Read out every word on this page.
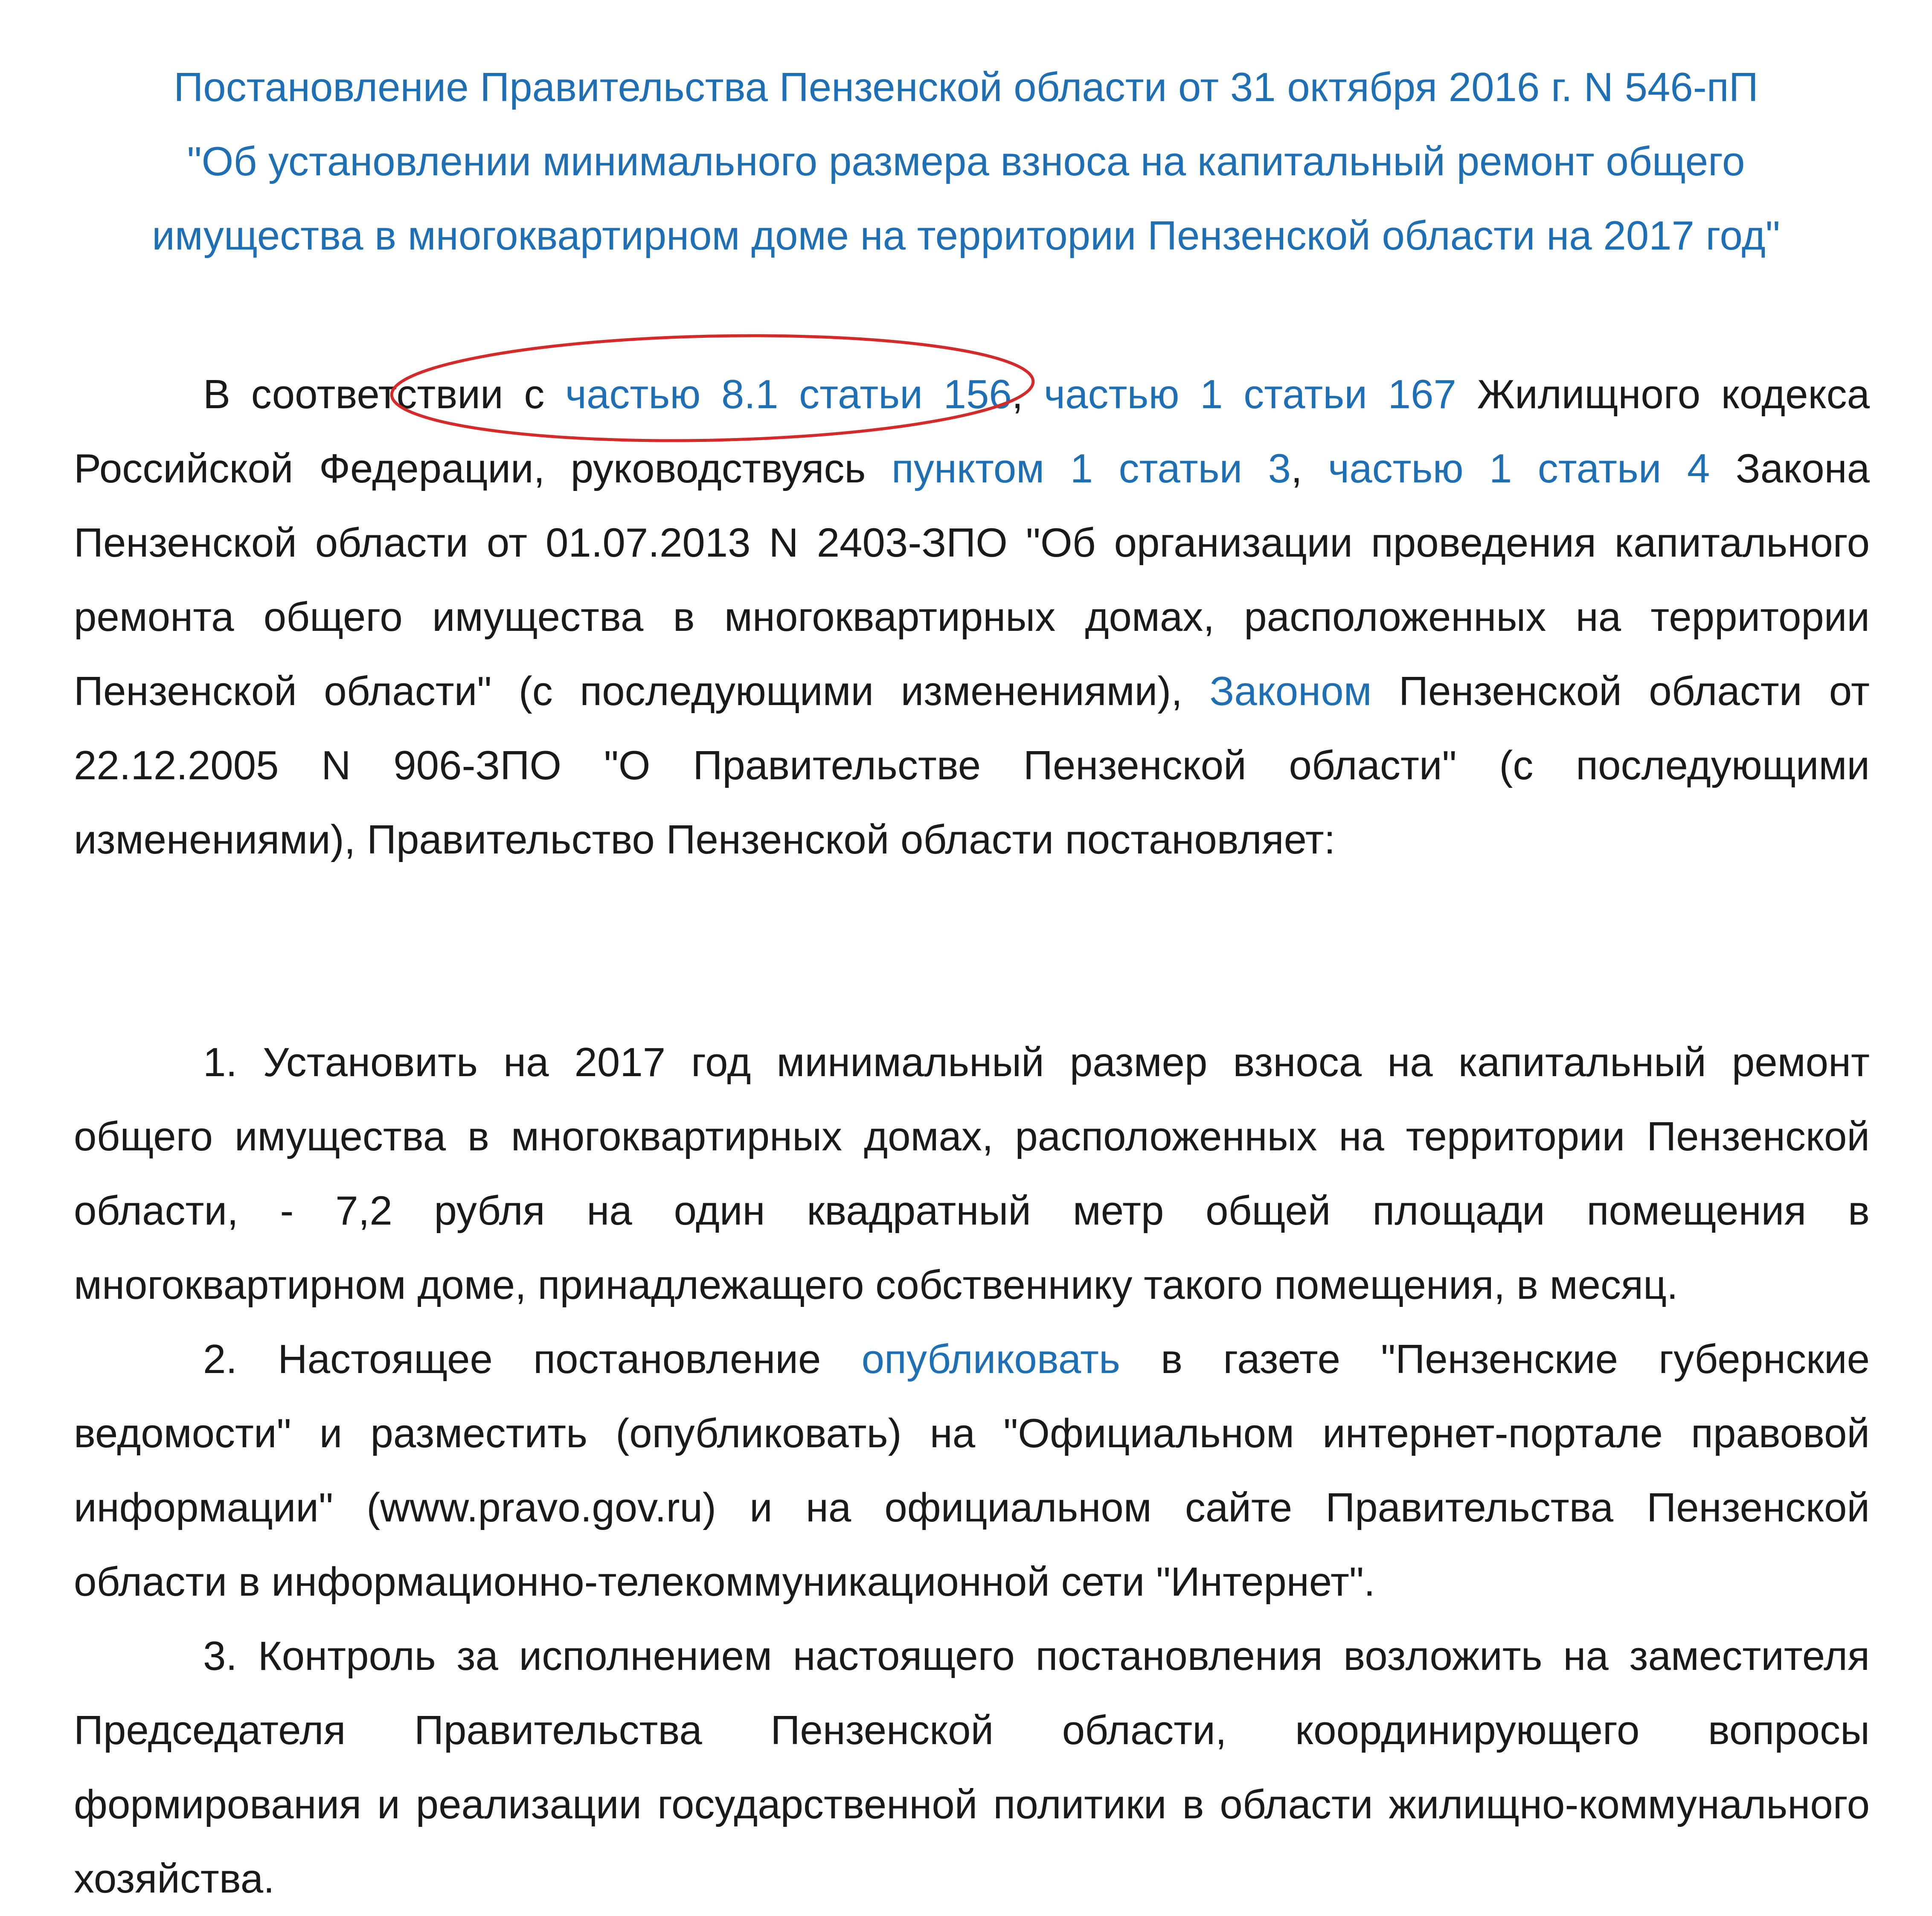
Постановление Правительства Пензенской области от 31 октября 2016 г. N 546-пП
"Об установлении минимального размера взноса на капитальный ремонт общего
имущества в многоквартирном доме на территории Пензенской области на 2017 год"

В соответствии с частью 8.1 статьи 156, частью 1 статьи 167 Жилищного кодекса Российской Федерации, руководствуясь пунктом 1 статьи 3, частью 1 статьи 4 Закона Пензенской области от 01.07.2013 N 2403-ЗПО "Об организации проведения капитального ремонта общего имущества в многоквартирных домах, расположенных на территории Пензенской области" (с последующими изменениями), Законом Пензенской области от 22.12.2005 N 906-ЗПО "О Правительстве Пензенской области" (с последующими изменениями), Правительство Пензенской области постановляет:

1. Установить на 2017 год минимальный размер взноса на капитальный ремонт общего имущества в многоквартирных домах, расположенных на территории Пензенской области, - 7,2 рубля на один квадратный метр общей площади помещения в многоквартирном доме, принадлежащего собственнику такого помещения, в месяц.

2. Настоящее постановление опубликовать в газете "Пензенские губернские ведомости" и разместить (опубликовать) на "Официальном интернет-портале правовой информации" (www.pravo.gov.ru) и на официальном сайте Правительства Пензенской области в информационно-телекоммуникационной сети "Интернет".

3. Контроль за исполнением настоящего постановления возложить на заместителя Председателя Правительства Пензенской области, координирующего вопросы формирования и реализации государственной политики в области жилищно-коммунального хозяйства.
